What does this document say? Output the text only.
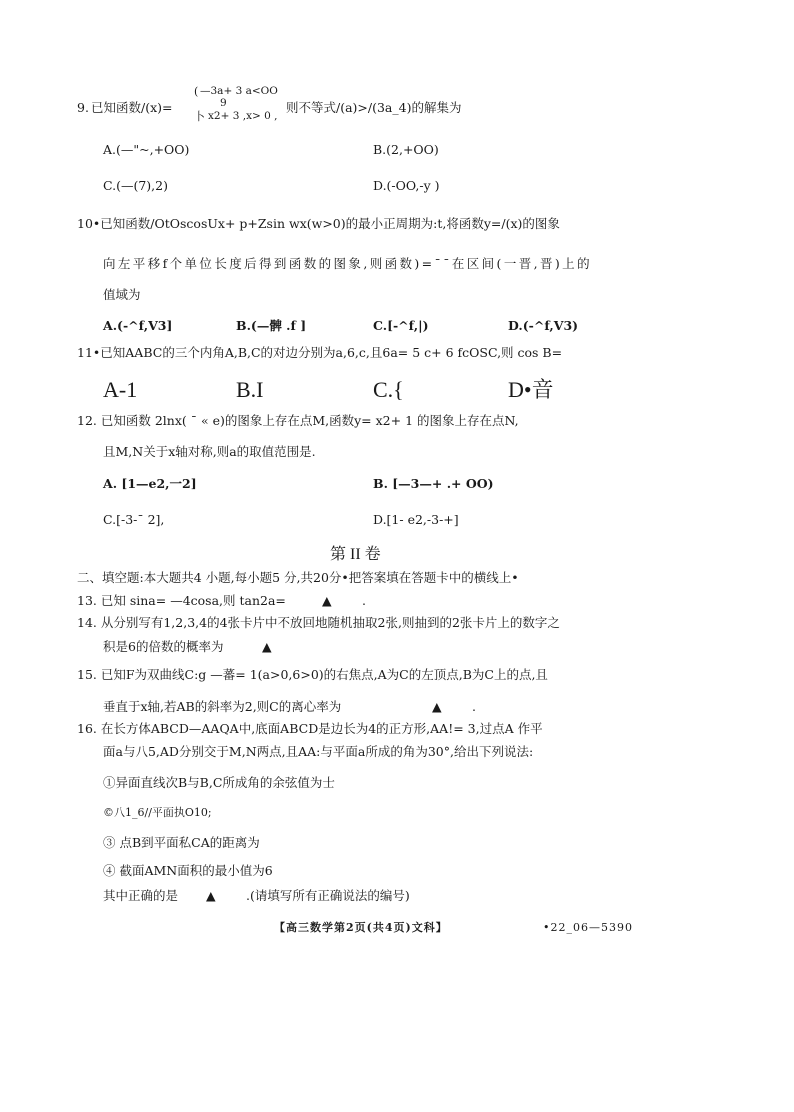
9. 已知函数/(x)=
( —3a+ 3 a<OO
9
卜 x2+ 3 ,x> 0 ,
则不等式/(a)>/(3a_4)的解集为
A.(—"~,+OO)	B.(2,+OO)
C.(—(7),2)	D.(-OO,-y )
10•已知函数/OtOscosUx+ p+Zsin wx(w>0)的最小正周期为:t,将函数y=/(x)的图象
向左平移f个单位长度后得到函数的图象,则函数)=ˉˉ在区间(一晋,晋)上的
值域为
A.(-^f,V3]	B.(—髀 .f ]	C.[-^f,|)	D.(-^f,V3)
11•已知AABC的三个内角A,B,C的对边分别为a,6,c,且6a= 5 c+ 6 fcOSC,则 cos B=
A-1	B.I	C.{	D•音
12. 已知函数 2lnx( ˉ « e)的图象上存在点M,函数y= x2+ 1 的图象上存在点N,
且M,N关于x轴对称,则a的取值范围是.
A. [1—e2,一2]	B. [—3—+ .+ OO)
C.[-3-ˉ 2],	D.[1- e2,-3-+]
第 II 卷
二、填空题:本大题共4 小题,每小题5 分,共20分•把答案填在答题卡中的横线上•
13. 已知 sina= —4cosa,则 tan2a=	▲ .
14. 从分别写有1,2,3,4的4张卡片中不放回地随机抽取2张,则抽到的2张卡片上的数字之
积是6的倍数的概率为	▲
15. 已知F为双曲线C:g —蕃= 1(a>0,6>0)的右焦点,A为C的左顶点,B为C上的点,且
垂直于x轴,若AB的斜率为2,则C的离心率为	▲ .
16. 在长方体ABCD—AAQA中,底面ABCD是边长为4的正方形,AA!= 3,过点A 作平
面a与八5,AD分别交于M,N两点,且AA:与平面a所成的角为30°,给出下列说法:
①异面直线次B与B,C所成角的余弦值为士
©八1_6//平面执O10;
③ 点B到平面私CA的距离为
④ 截面AMN面积的最小值为6
其中正确的是 ▲ .(请填写所有正确说法的编号)
【高三数学第2页(共4页)文科】	•22_06—5390
